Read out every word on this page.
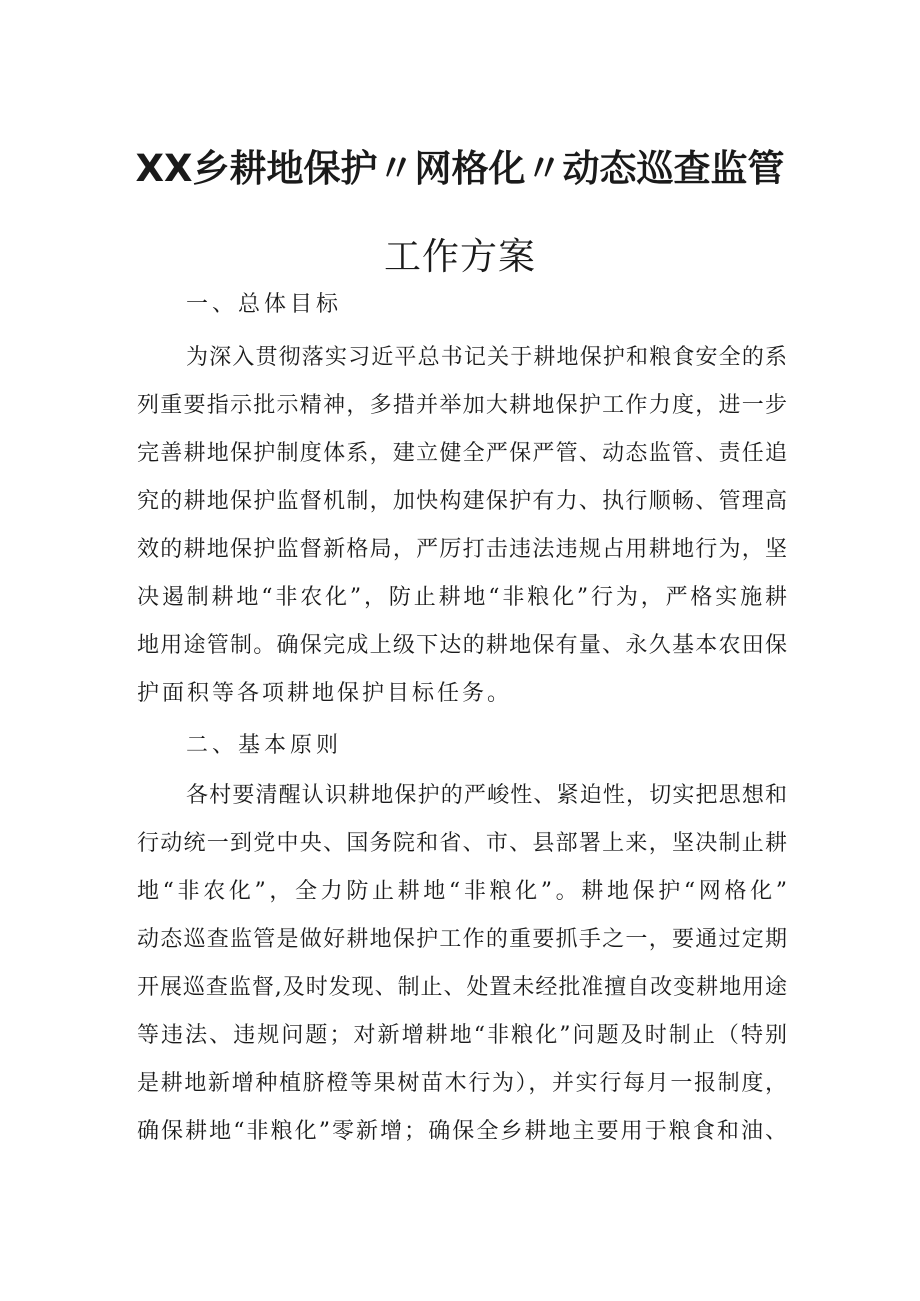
XX乡耕地保护〃网格化〃动态巡查监管
工作方案
一、总体目标
为深入贯彻落实习近平总书记关于耕地保护和粮食安全的系
列重要指示批示精神，多措并举加大耕地保护工作力度，进一步
完善耕地保护制度体系，建立健全严保严管、动态监管、责任追
究的耕地保护监督机制，加快构建保护有力、执行顺畅、管理高
效的耕地保护监督新格局，严厉打击违法违规占用耕地行为，坚
决遏制耕地“非农化”，防止耕地“非粮化”行为，严格实施耕
地用途管制。确保完成上级下达的耕地保有量、永久基本农田保
护面积等各项耕地保护目标任务。
二、基本原则
各村要清醒认识耕地保护的严峻性、紧迫性，切实把思想和
行动统一到党中央、国务院和省、市、县部署上来，坚决制止耕
地“非农化”，全力防止耕地“非粮化”。耕地保护“网格化”
动态巡查监管是做好耕地保护工作的重要抓手之一，要通过定期
开展巡查监督,及时发现、制止、处置未经批准擅自改变耕地用途
等违法、违规问题；对新增耕地“非粮化”问题及时制止（特别
是耕地新增种植脐橙等果树苗木行为），并实行每月一报制度，
确保耕地“非粮化”零新增；确保全乡耕地主要用于粮食和油、
